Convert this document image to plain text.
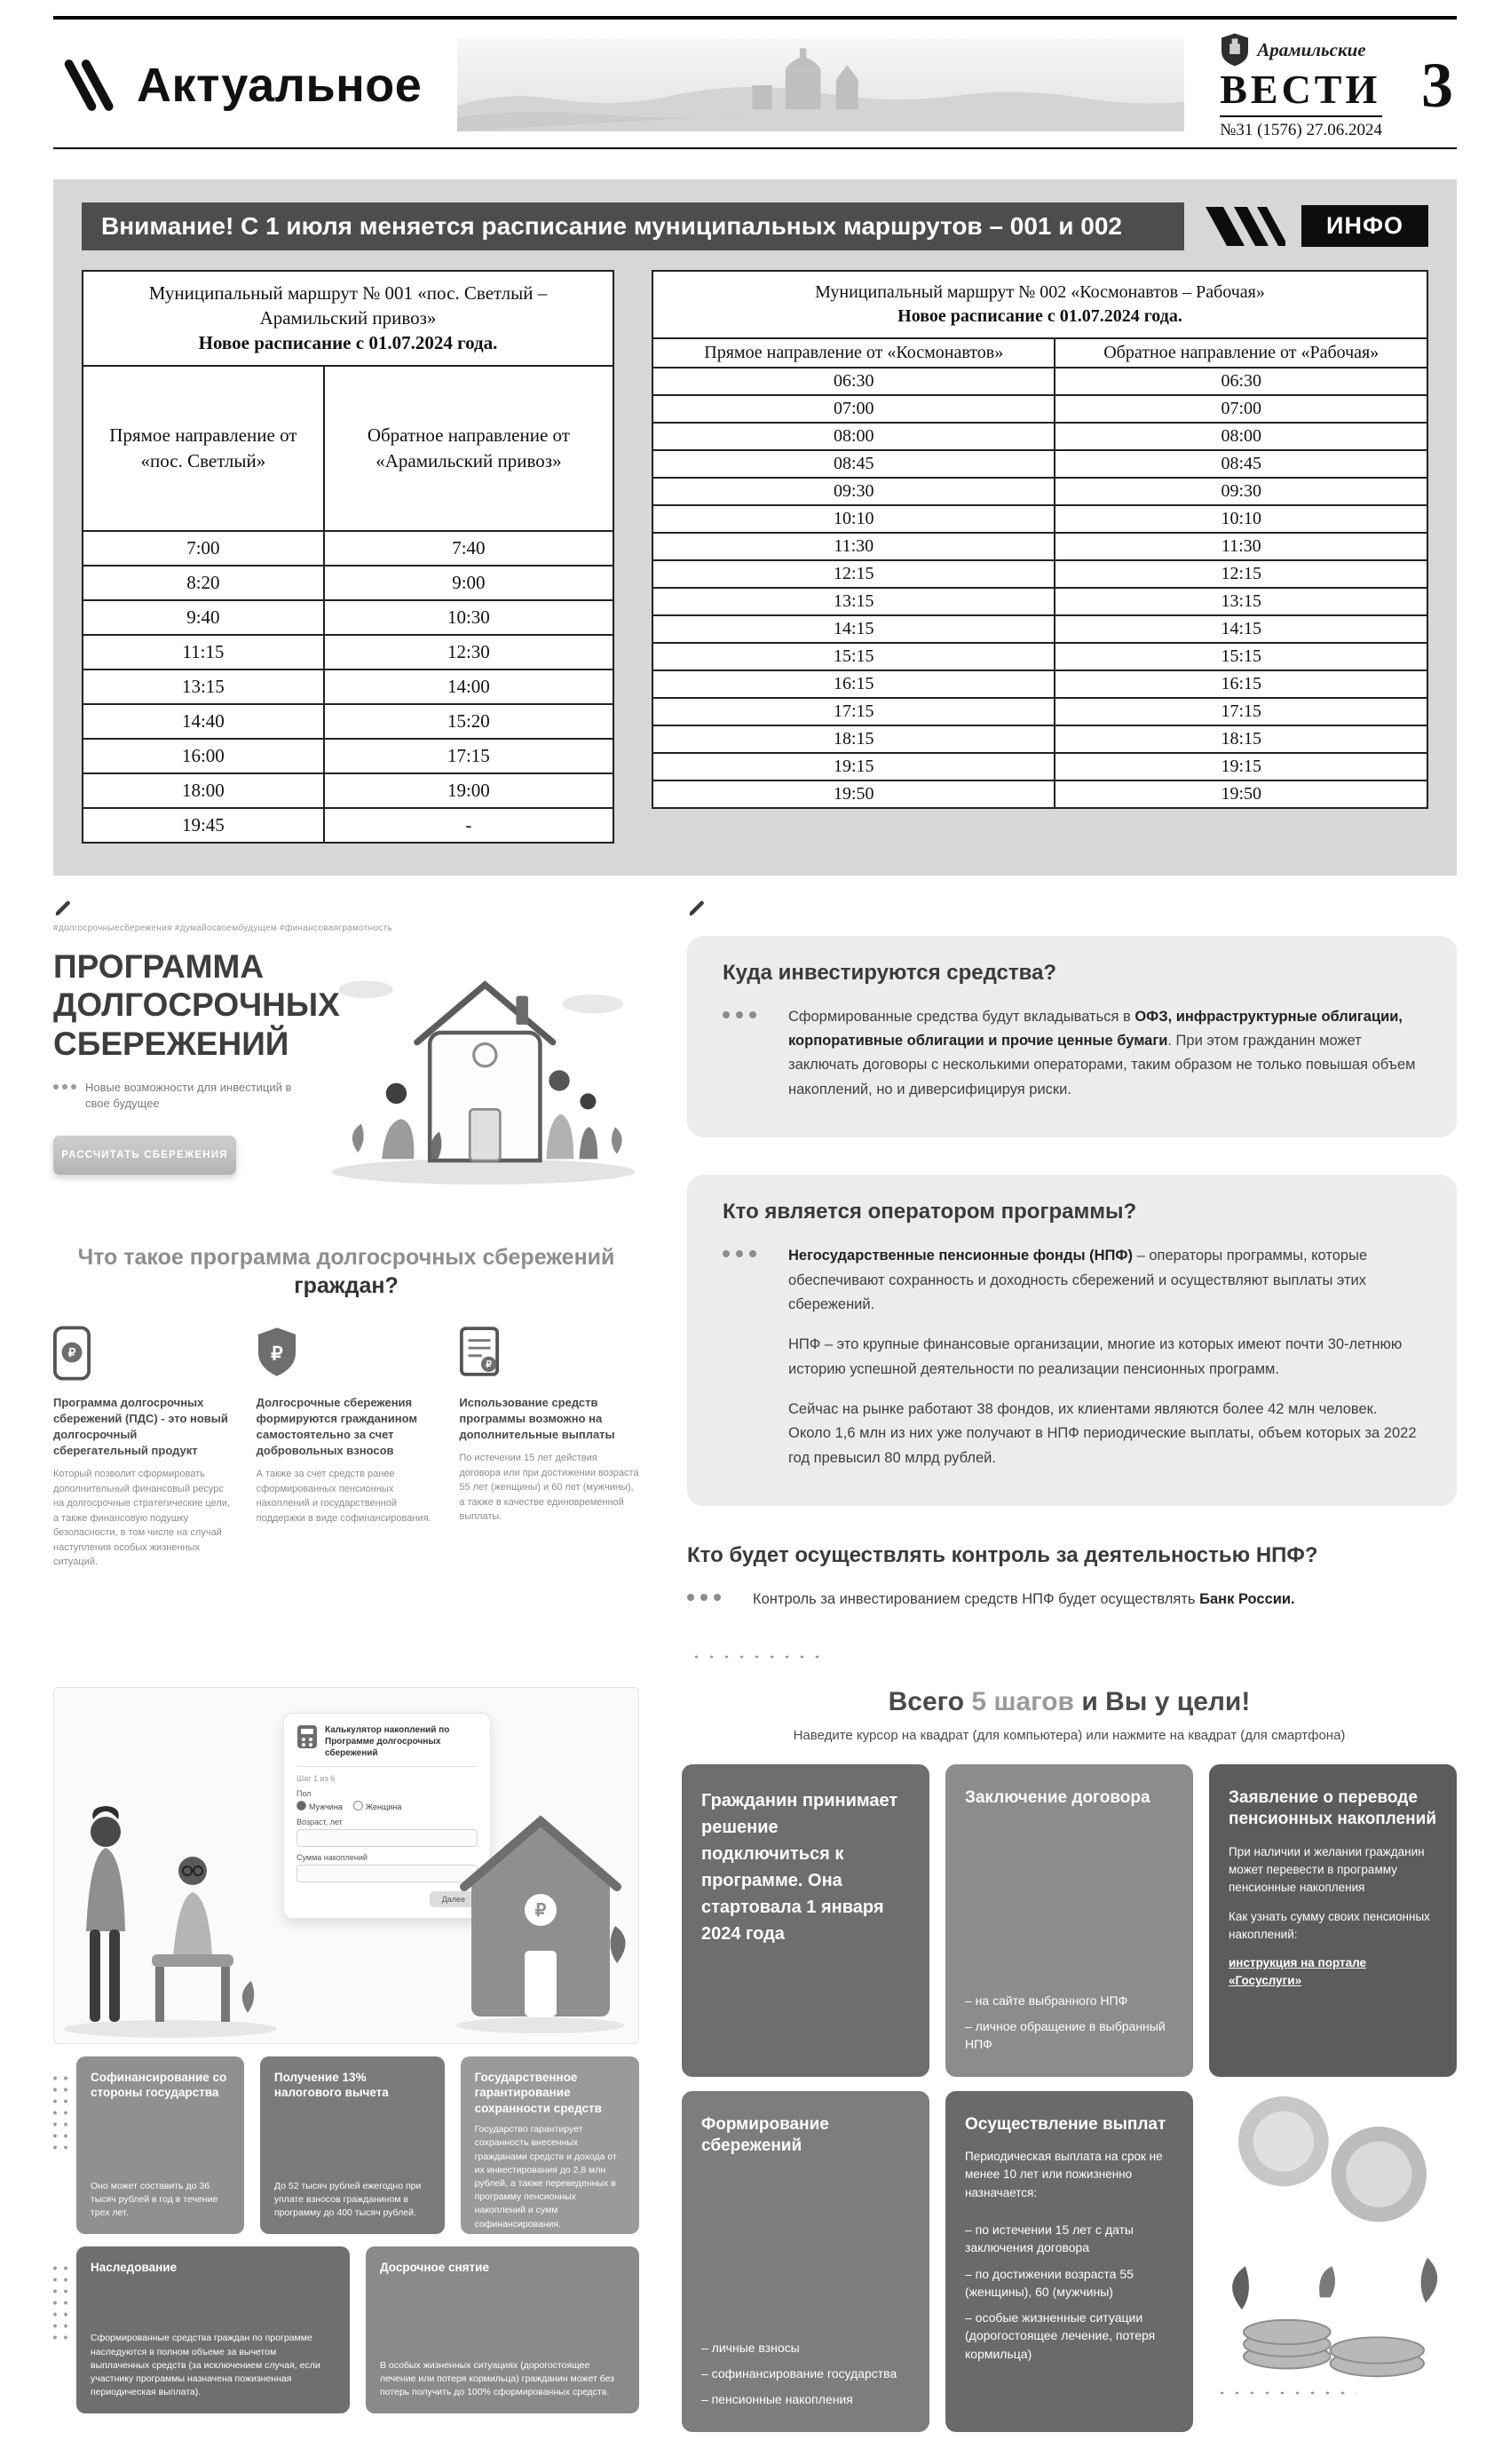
Актуальное
Арамильские
ВЕСТИ
№31 (1576) 27.06.2024
3
Внимание! С 1 июля меняется расписание муниципальных маршрутов – 001 и 002	ИНФО
Муниципальный маршрут № 001 «пос. Светлый – Арамильский привоз»
Новое расписание с 01.07.2024 года.	

Прямое направление от «пос. Светлый»	Обратное направление от «Арамильский привоз»
7:00	7:40
8:20	9:00
9:40	10:30
11:15	12:30
13:15	14:00
14:40	15:20
16:00	17:15
18:00	19:00
19:45	-
Муниципальный маршрут № 002 «Космонавтов – Рабочая»
Новое расписание с 01.07.2024 года.	

Прямое направление от «Космонавтов»	Обратное направление от «Рабочая»
06:30	06:30
07:00	07:00
08:00	08:00
08:45	08:45
09:30	09:30
10:10	10:10
11:30	11:30
12:15	12:15
13:15	13:15
14:15	14:15
15:15	15:15
16:15	16:15
17:15	17:15
18:15	18:15
19:15	19:15
19:50	19:50
#долгосрочныесбережения #думайосвоембудущем #финансоваяграмотность
ПРОГРАММА ДОЛГОСРОЧНЫХ СБЕРЕЖЕНИЙ
Новые возможности для инвестиций в свое будущее
РАССЧИТАТЬ СБЕРЕЖЕНИЯ
Что такое программа долгосрочных сбережений граждан?
₽
Программа долгосрочных сбережений (ПДС) - это новый долгосрочный сберегательный продукт

Который позволит сформировать дополнительный финансовый ресурс на долгосрочные стратегические цели, а также финансовую подушку безопасности, в том числе на случай наступления особых жизненных ситуаций.

₽
Долгосрочные сбережения формируются гражданином самостоятельно за счет добровольных взносов

А также за счет средств ранее сформированных пенсионных накоплений и государственной поддержки в виде софинансирования.

₽
Использование средств программы возможно на дополнительные выплаты

По истечении 15 лет действия договора или при достижении возраста 55 лет (женщины) и 60 лет (мужчины), а также в качестве единовременной выплаты.

Куда инвестируются средства?

Сформированные средства будут вкладываться в ОФЗ, инфраструктурные облигации, корпоративные облигации и прочие ценные бумаги. При этом гражданин может заключать договоры с несколькими операторами, таким образом не только повышая объем накоплений, но и диверсифицируя риски.

Кто является оператором программы?

Негосударственные пенсионные фонды (НПФ) – операторы программы, которые обеспечивают сохранность и доходность сбережений и осуществляют выплаты этих сбережений.

НПФ – это крупные финансовые организации, многие из которых имеют почти 30-летнюю историю успешной деятельности по реализации пенсионных программ.

Сейчас на рынке работают 38 фондов, их клиентами являются более 42 млн человек. Около 1,6 млн из них уже получают в НПФ периодические выплаты, объем которых за 2022 год превысил 80 млрд рублей.

Кто будет осуществлять контроль за деятельностью НПФ?

Контроль за инвестированием средств НПФ будет осуществлять Банк России.

Калькулятор накоплений по Программе долгосрочных сбережений
Шаг 1 из 6
Пол
Мужчина	Женщина
Возраст, лет
Сумма накоплений
Далее
₽
Софинансирование со стороны государства

Оно может составить до 36 тысяч рублей в год в течение трех лет.

Получение 13% налогового вычета

До 52 тысяч рублей ежегодно при уплате взносов гражданином в программу до 400 тысяч рублей.

Государственное гарантирование сохранности средств

Государство гарантирует сохранность внесенных гражданами средств и дохода от их инвестирования до 2,8 млн рублей, а также переведенных в программу пенсионных накоплений и сумм софинансирования.

Наследование

Сформированные средства граждан по программе наследуются в полном объеме за вычетом выплаченных средств (за исключением случая, если участнику программы назначена пожизненная периодическая выплата).

Досрочное снятие

В особых жизненных ситуациях (дорогостоящее лечение или потеря кормильца) гражданин может без потерь получить до 100% сформированных средств.

Всего 5 шагов и Вы у цели!
Наведите курсор на квадрат (для компьютера) или нажмите на квадрат (для смартфона)
Гражданин принимает решение подключиться к программе. Она стартовала 1 января 2024 года
Заключение договора
– на сайте выбранного НПФ
– личное обращение в выбранный НПФ
Заявление о переводе пенсионных накоплений

При наличии и желании гражданин может перевести в программу пенсионные накопления

Как узнать сумму своих пенсионных накоплений:

инструкция на портале «Госуслуги»
Формирование сбережений
– личные взносы
– софинансирование государства
– пенсионные накопления
Осуществление выплат

Периодическая выплата на срок не менее 10 лет или пожизненно назначается:

– по истечении 15 лет с даты заключения договора
– по достижении возраста 55 (женщины), 60 (мужчины)
– особые жизненные ситуации (дорогостоящее лечение, потеря кормильца)
